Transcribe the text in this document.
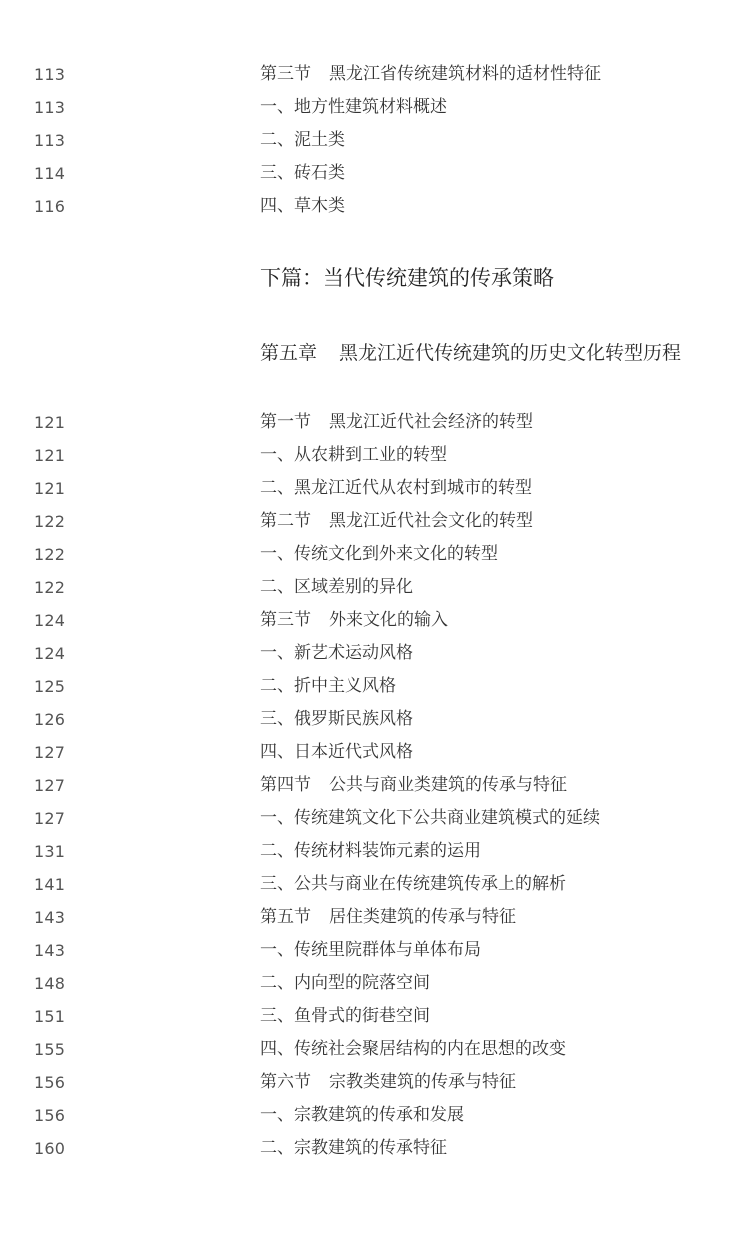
113	第三节 黑龙江省传统建筑材料的适材性特征
113	一、地方性建筑材料概述
113	二、泥土类
114	三、砖石类
116	四、草木类
下篇：当代传统建筑的传承策略
第五章 黑龙江近代传统建筑的历史文化转型历程
121	第一节 黑龙江近代社会经济的转型
121	一、从农耕到工业的转型
121	二、黑龙江近代从农村到城市的转型
122	第二节 黑龙江近代社会文化的转型
122	一、传统文化到外来文化的转型
122	二、区域差别的异化
124	第三节 外来文化的输入
124	一、新艺术运动风格
125	二、折中主义风格
126	三、俄罗斯民族风格
127	四、日本近代式风格
127	第四节 公共与商业类建筑的传承与特征
127	一、传统建筑文化下公共商业建筑模式的延续
131	二、传统材料装饰元素的运用
141	三、公共与商业在传统建筑传承上的解析
143	第五节 居住类建筑的传承与特征
143	一、传统里院群体与单体布局
148	二、内向型的院落空间
151	三、鱼骨式的街巷空间
155	四、传统社会聚居结构的内在思想的改变
156	第六节 宗教类建筑的传承与特征
156	一、宗教建筑的传承和发展
160	二、宗教建筑的传承特征
